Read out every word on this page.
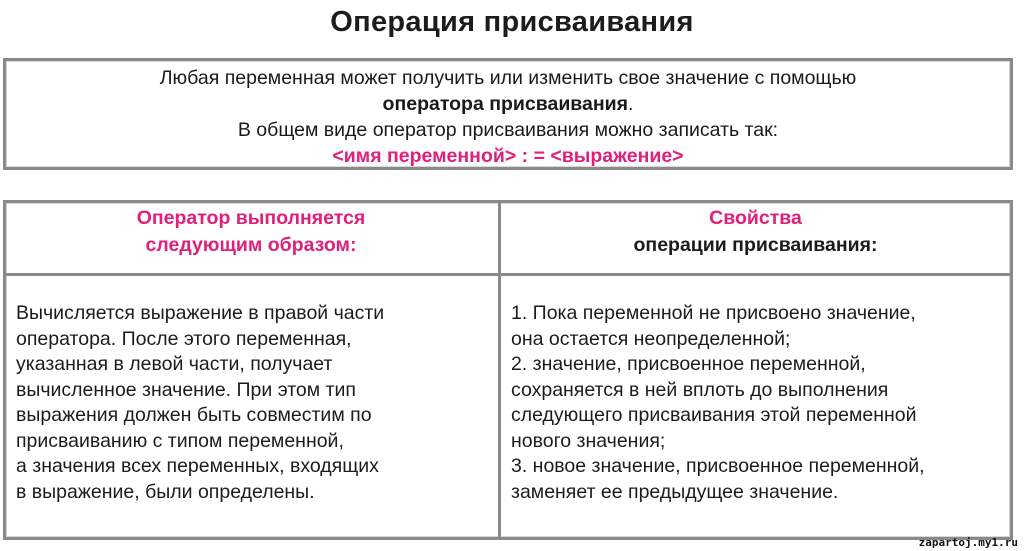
Операция присваивания
Любая переменная может получить или изменить свое значение с помощью
оператора присваивания.
В общем виде оператор присваивания можно записать так:
<имя переменной> : = <выражение>
Оператор выполняется
следующим образом:
Свойства
операции присваивания:
Вычисляется выражение в правой части
оператора. После этого переменная,
указанная в левой части, получает
вычисленное значение. При этом тип
выражения должен быть совместим по
присваиванию с типом переменной,
а значения всех переменных, входящих
в выражение, были определены.
1. Пока переменной не присвоено значение,
она остается неопределенной;
2. значение, присвоенное переменной,
сохраняется в ней вплоть до выполнения
следующего присваивания этой переменной
нового значения;
3. новое значение, присвоенное переменной,
заменяет ее предыдущее значение.
zapartoj.my1.ru
